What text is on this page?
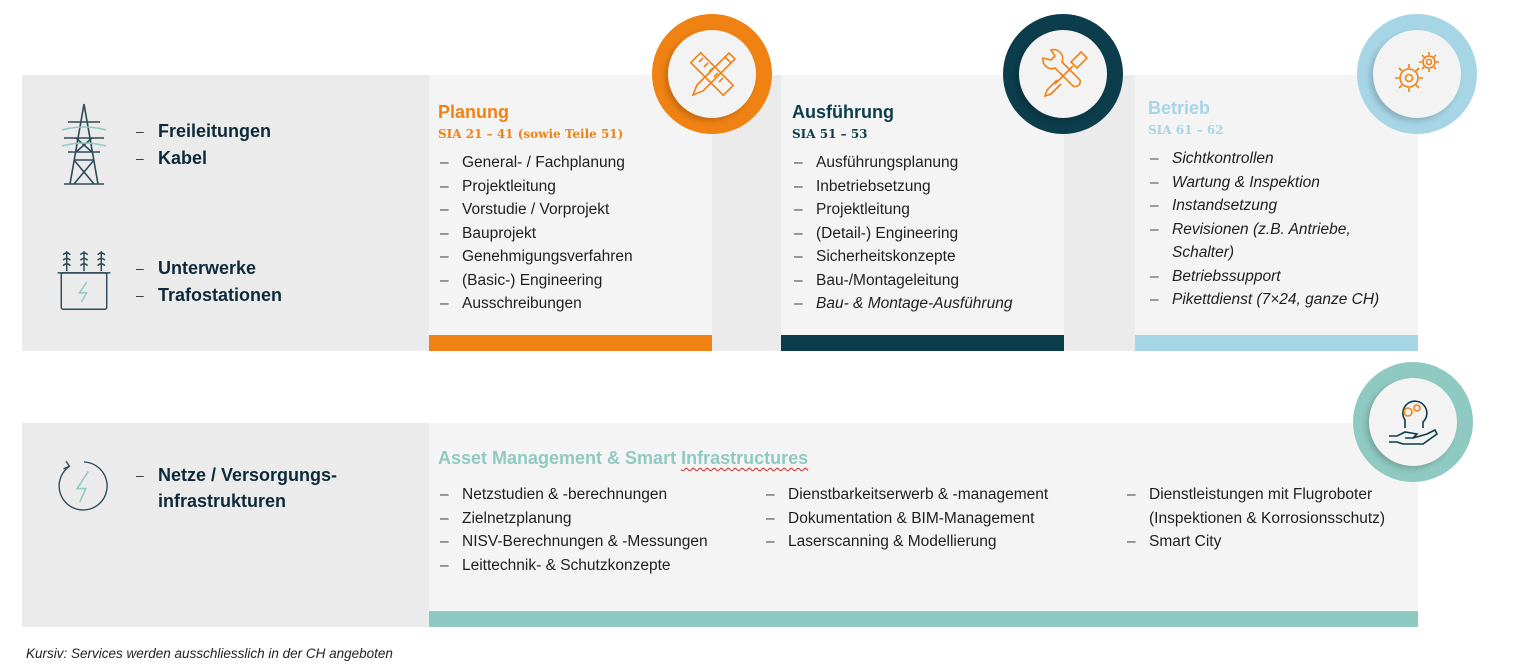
– Freileitungen
– Kabel
– Unterwerke
– Trafostationen
– Netze / Versorgungs-infrastrukturen
Planung
SIA 21 – 41 (sowie Teile 51)
– General- / Fachplanung
– Projektleitung
– Vorstudie / Vorprojekt
– Bauprojekt
– Genehmigungsverfahren
– (Basic-) Engineering
– Ausschreibungen
Ausführung
SIA 51 – 53
– Ausführungsplanung
– Inbetriebsetzung
– Projektleitung
– (Detail-) Engineering
– Sicherheitskonzepte
– Bau-/Montageleitung
– Bau- & Montage-Ausführung
Betrieb
SIA 61 – 62
– Sichtkontrollen
– Wartung & Inspektion
– Instandsetzung
– Revisionen (z.B. Antriebe, Schalter)
– Betriebssupport
– Pikettdienst (7×24, ganze CH)
Asset Management & Smart Infrastructures
– Netzstudien & -berechnungen
– Zielnetzplanung
– NISV-Berechnungen & -Messungen
– Leittechnik- & Schutzkonzepte
– Dienstbarkeitserwerb & -management
– Dokumentation & BIM-Management
– Laserscanning & Modellierung
– Dienstleistungen mit Flugroboter (Inspektionen & Korrosionsschutz)
– Smart City
Kursiv: Services werden ausschliesslich in der CH angeboten
